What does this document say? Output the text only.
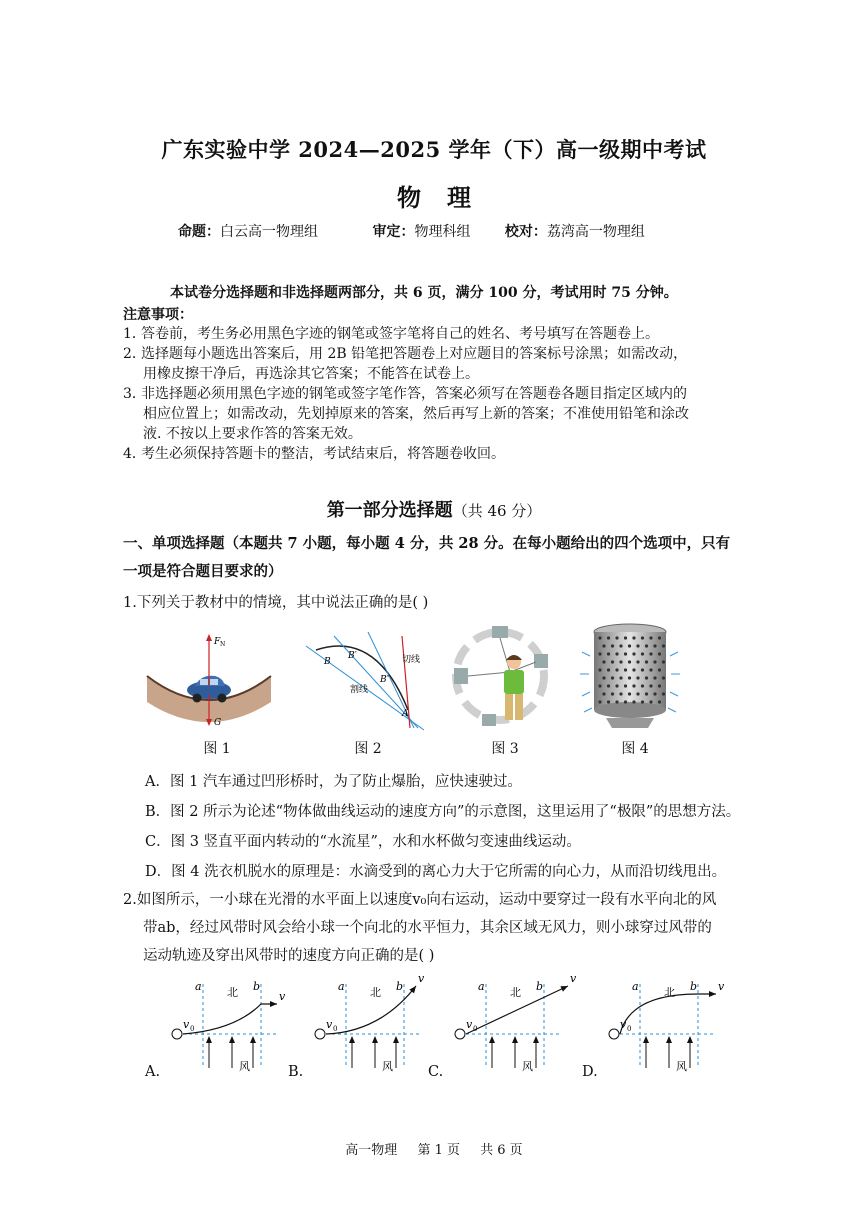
广东实验中学 2024—2025 学年（下）高一级期中考试
物理
命题：白云高一物理组	审定：物理科组 校对：荔湾高一物理组
本试卷分选择题和非选择题两部分，共 6 页，满分 100 分，考试用时 75 分钟。
注意事项：
1．答卷前，考生务必用黑色字迹的钢笔或签字笔将自己的姓名、考号填写在答题卷上。
2．选择题每小题选出答案后，用 2B 铅笔把答题卷上对应题目的答案标号涂黑；如需改动，
用橡皮擦干净后，再选涂其它答案；不能答在试卷上。
3．非选择题必须用黑色字迹的钢笔或签字笔作答，答案必须写在答题卷各题目指定区域内的
相应位置上；如需改动，先划掉原来的答案，然后再写上新的答案；不准使用铅笔和涂改
液. 不按以上要求作答的答案无效。
4．考生必须保持答题卡的整洁，考试结束后，将答题卷收回。
第一部分选择题（共 46 分）
一、单项选择题（本题共 7 小题，每小题 4 分，共 28 分。在每小题给出的四个选项中，只有
一项是符合题目要求的）
1.下列关于教材中的情境，其中说法正确的是( )
F N
G
B
B′
B″
A
切线
割线
图 1	图 2	图 3	图 4
A．图 1 汽车通过凹形桥时，为了防止爆胎，应快速驶过。
B．图 2 所示为论述“物体做曲线运动的速度方向”的示意图，这里运用了“极限”的思想方法。
C．图 3 竖直平面内转动的“水流星”，水和水杯做匀变速曲线运动。
D．图 4 洗衣机脱水的原理是：水滴受到的离心力大于它所需的向心力，从而沿切线甩出。
2.如图所示，一小球在光滑的水平面上以速度v₀向右运动，运动中要穿过一段有水平向北的风
带ab，经过风带时风会给小球一个向北的水平恒力，其余区域无风力，则小球穿过风带的
运动轨迹及穿出风带时的速度方向正确的是( )
a	b
北
风
v
v 0
a	b
北
风
v
v 0
a	b
北
风
v
v 0
a	b
北
风
v
v 0
A.	B.	C.	D.
高一物理 第 1 页 共 6 页
